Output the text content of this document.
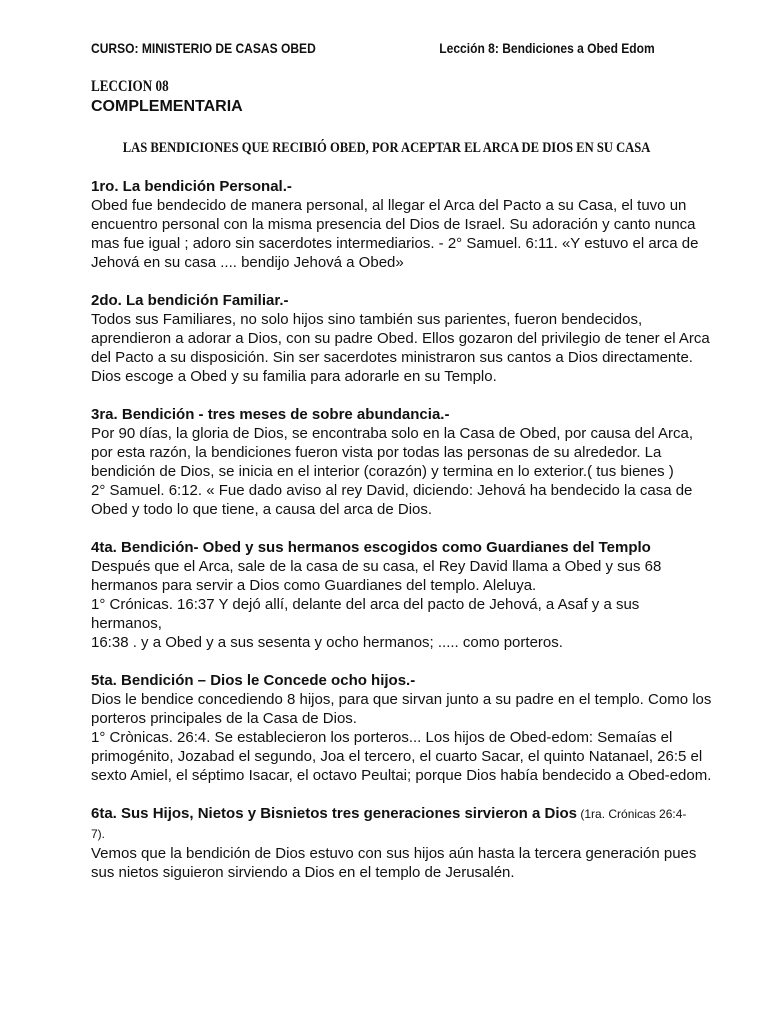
CURSO: MINISTERIO DE CASAS OBED	Lección 8: Bendiciones a Obed Edom
LECCION 08
COMPLEMENTARIA
LAS BENDICIONES QUE RECIBIÓ OBED, POR ACEPTAR EL ARCA DE DIOS EN SU CASA
1ro. La bendición Personal.-
Obed fue bendecido de manera personal, al llegar el Arca del Pacto a su Casa, el tuvo un
encuentro personal con la misma presencia del Dios de Israel. Su adoración y canto nunca
mas fue igual ; adoro sin sacerdotes intermediarios. - 2° Samuel. 6:11. «Y estuvo el arca de
Jehová en su casa .... bendijo Jehová a Obed»
2do. La bendición Familiar.-
Todos sus Familiares, no solo hijos sino también sus parientes, fueron bendecidos,
aprendieron a adorar a Dios, con su padre Obed. Ellos gozaron del privilegio de tener el Arca
del Pacto a su disposición. Sin ser sacerdotes ministraron sus cantos a Dios directamente.
Dios escoge a Obed y su familia para adorarle en su Templo.
3ra. Bendición - tres meses de sobre abundancia.-
Por 90 días, la gloria de Dios, se encontraba solo en la Casa de Obed, por causa del Arca,
por esta razón, la bendiciones fueron vista por todas las personas de su alrededor. La
bendición de Dios, se inicia en el interior (corazón) y termina en lo exterior.( tus bienes )
2° Samuel. 6:12. « Fue dado aviso al rey David, diciendo: Jehová ha bendecido la casa de
Obed y todo lo que tiene, a causa del arca de Dios.
4ta. Bendición- Obed y sus hermanos escogidos como Guardianes del Templo
Después que el Arca, sale de la casa de su casa, el Rey David llama a Obed y sus 68
hermanos para servir a Dios como Guardianes del templo. Aleluya.
1° Crónicas. 16:37 Y dejó allí, delante del arca del pacto de Jehová, a Asaf y a sus
hermanos,
16:38 . y a Obed y a sus sesenta y ocho hermanos; ..... como porteros.
5ta. Bendición – Dios le Concede ocho hijos.-
Dios le bendice concediendo 8 hijos, para que sirvan junto a su padre en el templo. Como los
porteros principales de la Casa de Dios.
1° Crònicas. 26:4. Se establecieron los porteros... Los hijos de Obed-edom: Semaías el
primogénito, Jozabad el segundo, Joa el tercero, el cuarto Sacar, el quinto Natanael, 26:5 el
sexto Amiel, el séptimo Isacar, el octavo Peultai; porque Dios había bendecido a Obed-edom.
6ta. Sus Hijos, Nietos y Bisnietos tres generaciones sirvieron a Dios (1ra. Crónicas 26:4-7).
Vemos que la bendición de Dios estuvo con sus hijos aún hasta la tercera generación pues
sus nietos siguieron sirviendo a Dios en el templo de Jerusalén.
